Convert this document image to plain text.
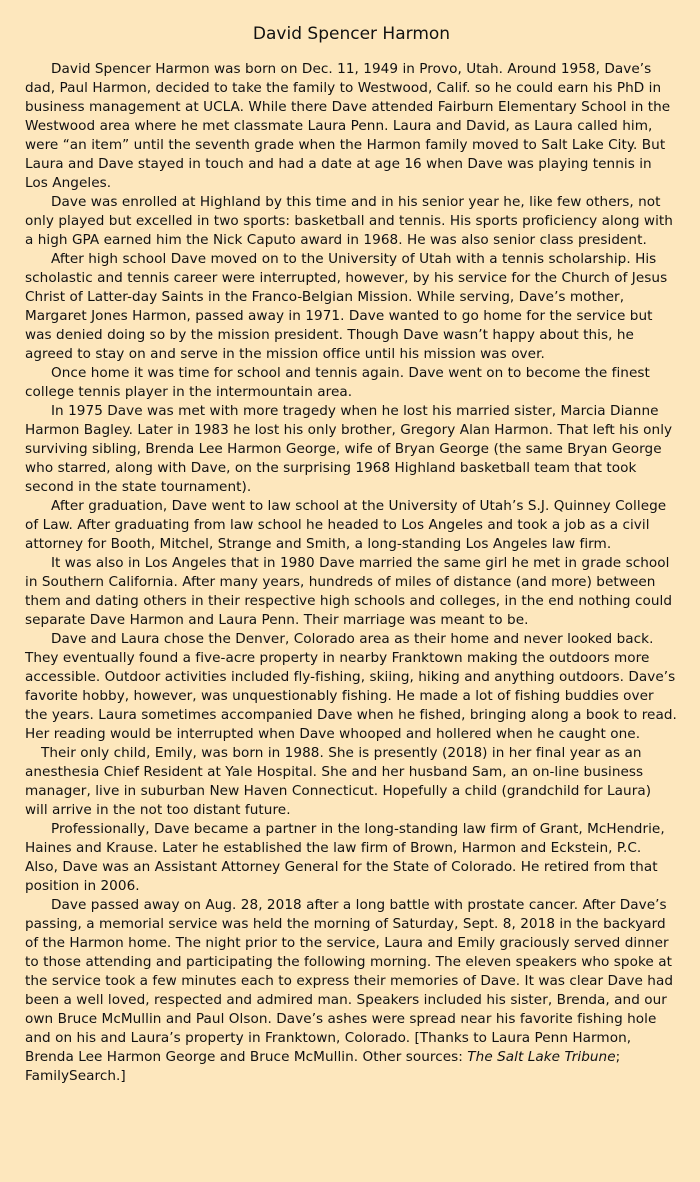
David Spencer Harmon

David Spencer Harmon was born on Dec. 11, 1949 in Provo, Utah. Around 1958, Dave’s dad, Paul Harmon, decided to take the family to Westwood, Calif. so he could earn his PhD in business management at UCLA. While there Dave attended Fairburn Elementary School in the Westwood area where he met classmate Laura Penn. Laura and David, as Laura called him, were “an item” until the seventh grade when the Harmon family moved to Salt Lake City. But Laura and Dave stayed in touch and had a date at age 16 when Dave was playing tennis in Los Angeles.

Dave was enrolled at Highland by this time and in his senior year he, like few others, not only played but excelled in two sports: basketball and tennis. His sports proficiency along with a high GPA earned him the Nick Caputo award in 1968. He was also senior class president.

After high school Dave moved on to the University of Utah with a tennis scholarship. His scholastic and tennis career were interrupted, however, by his service for the Church of Jesus Christ of Latter-day Saints in the Franco-Belgian Mission. While serving, Dave’s mother, Margaret Jones Harmon, passed away in 1971. Dave wanted to go home for the service but was denied doing so by the mission president. Though Dave wasn’t happy about this, he agreed to stay on and serve in the mission office until his mission was over.

Once home it was time for school and tennis again. Dave went on to become the finest college tennis player in the intermountain area.

In 1975 Dave was met with more tragedy when he lost his married sister, Marcia Dianne Harmon Bagley. Later in 1983 he lost his only brother, Gregory Alan Harmon. That left his only surviving sibling, Brenda Lee Harmon George, wife of Bryan George (the same Bryan George who starred, along with Dave, on the surprising 1968 Highland basketball team that took second in the state tournament).

After graduation, Dave went to law school at the University of Utah’s S.J. Quinney College of Law. After graduating from law school he headed to Los Angeles and took a job as a civil attorney for Booth, Mitchel, Strange and Smith, a long-standing Los Angeles law firm.

It was also in Los Angeles that in 1980 Dave married the same girl he met in grade school in Southern California. After many years, hundreds of miles of distance (and more) between them and dating others in their respective high schools and colleges, in the end nothing could separate Dave Harmon and Laura Penn. Their marriage was meant to be.

Dave and Laura chose the Denver, Colorado area as their home and never looked back. They eventually found a five-acre property in nearby Franktown making the outdoors more accessible. Outdoor activities included fly-fishing, skiing, hiking and anything outdoors. Dave’s favorite hobby, however, was unquestionably fishing. He made a lot of fishing buddies over the years. Laura sometimes accompanied Dave when he fished, bringing along a book to read. Her reading would be interrupted when Dave whooped and hollered when he caught one.

Their only child, Emily, was born in 1988. She is presently (2018) in her final year as an anesthesia Chief Resident at Yale Hospital. She and her husband Sam, an on-line business manager, live in suburban New Haven Connecticut. Hopefully a child (grandchild for Laura) will arrive in the not too distant future.

Professionally, Dave became a partner in the long-standing law firm of Grant, McHendrie, Haines and Krause. Later he established the law firm of Brown, Harmon and Eckstein, P.C. Also, Dave was an Assistant Attorney General for the State of Colorado. He retired from that position in 2006.

Dave passed away on Aug. 28, 2018 after a long battle with prostate cancer. After Dave’s passing, a memorial service was held the morning of Saturday, Sept. 8, 2018 in the backyard of the Harmon home. The night prior to the service, Laura and Emily graciously served dinner to those attending and participating the following morning. The eleven speakers who spoke at the service took a few minutes each to express their memories of Dave. It was clear Dave had been a well loved, respected and admired man. Speakers included his sister, Brenda, and our own Bruce McMullin and Paul Olson. Dave’s ashes were spread near his favorite fishing hole and on his and Laura’s property in Franktown, Colorado. [Thanks to Laura Penn Harmon, Brenda Lee Harmon George and Bruce McMullin. Other sources: The Salt Lake Tribune; FamilySearch.]
